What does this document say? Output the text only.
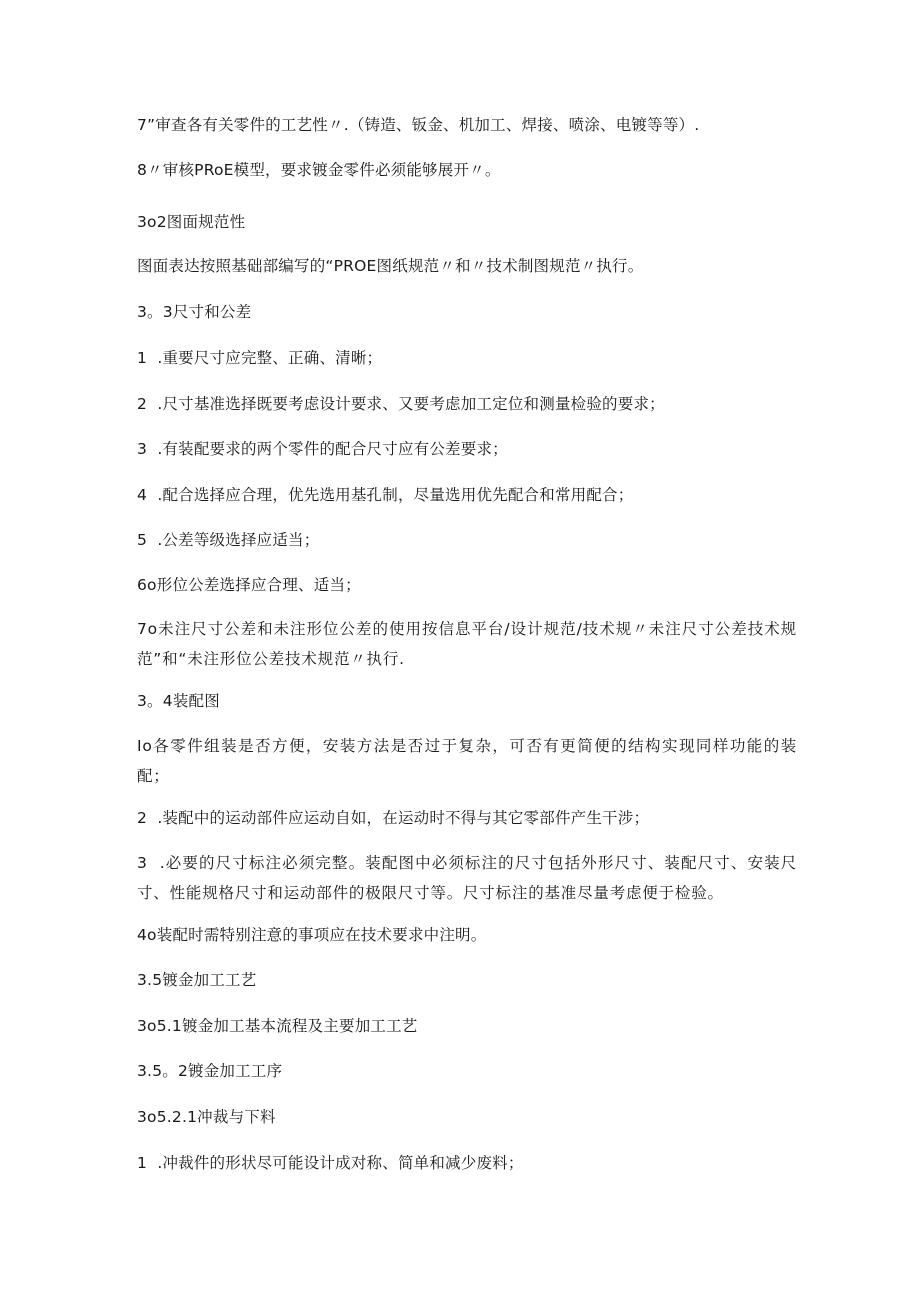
7”审查各有关零件的工艺性〃.（铸造、钣金、机加工、焊接、喷涂、电镀等等）.
8〃审核PRoE模型，要求镀金零件必须能够展开〃。
3o2图面规范性
图面表达按照基础部编写的“PROE图纸规范〃和〃技术制图规范〃执行。
3。3尺寸和公差
1  .重要尺寸应完整、正确、清晰；
2  .尺寸基准选择既要考虑设计要求、又要考虑加工定位和测量检验的要求；
3  .有装配要求的两个零件的配合尺寸应有公差要求；
4  .配合选择应合理，优先选用基孔制，尽量选用优先配合和常用配合；
5  .公差等级选择应适当；
6o形位公差选择应合理、适当；
7o未注尺寸公差和未注形位公差的使用按信息平台/设计规范/技术规〃未注尺寸公差技术规范”和“未注形位公差技术规范〃执行.
3。4装配图
Io各零件组装是否方便，安装方法是否过于复杂，可否有更简便的结构实现同样功能的装配；
2  .装配中的运动部件应运动自如，在运动时不得与其它零部件产生干涉；
3  .必要的尺寸标注必须完整。装配图中必须标注的尺寸包括外形尺寸、装配尺寸、安装尺寸、性能规格尺寸和运动部件的极限尺寸等。尺寸标注的基准尽量考虑便于检验。
4o装配时需特别注意的事项应在技术要求中注明。
3.5镀金加工工艺
3o5.1镀金加工基本流程及主要加工工艺
3.5。2镀金加工工序
3o5.2.1冲裁与下料
1  .冲裁件的形状尽可能设计成对称、简单和减少废料；
